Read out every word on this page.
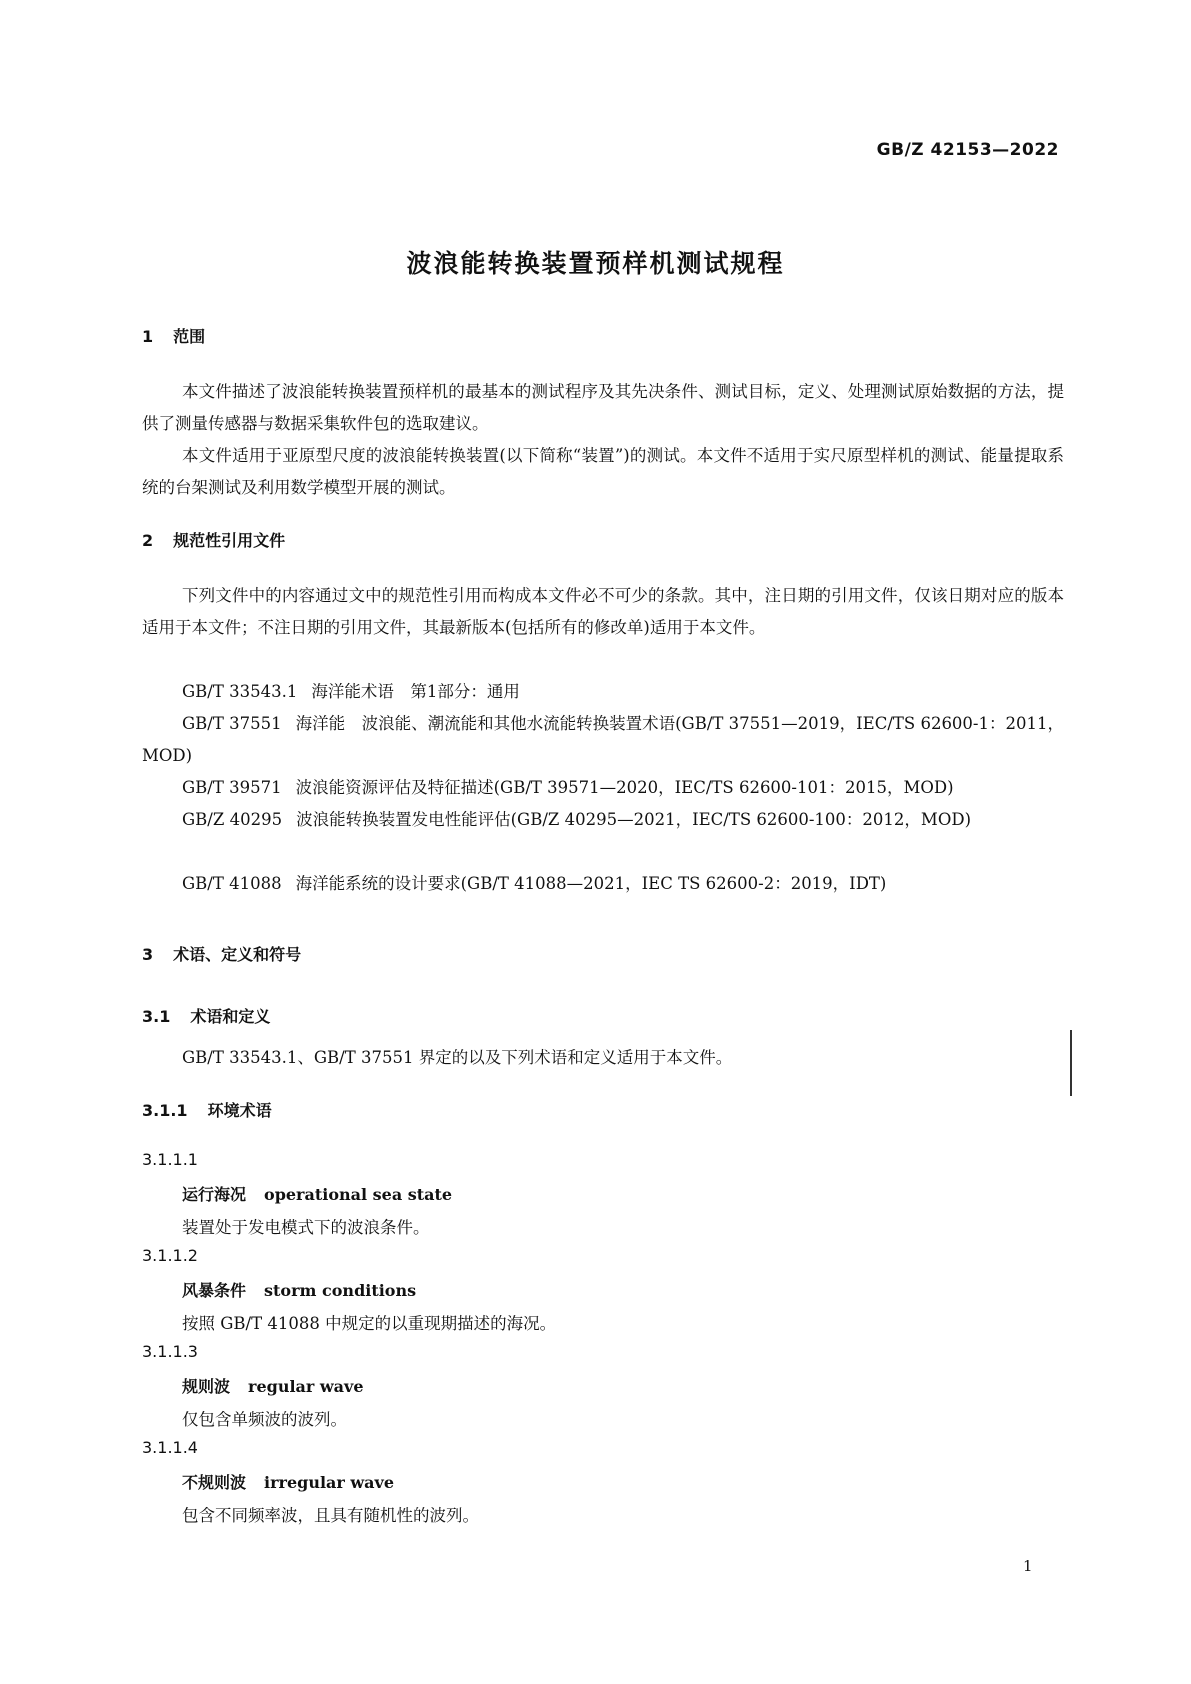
GB/Z 42153—2022
波浪能转换装置预样机测试规程
1 范围
本文件描述了波浪能转换装置预样机的最基本的测试程序及其先决条件、测试目标，定义、处理测试原始数据的方法，提供了测量传感器与数据采集软件包的选取建议。
本文件适用于亚原型尺度的波浪能转换装置(以下简称“装置”)的测试。本文件不适用于实尺原型样机的测试、能量提取系统的台架测试及利用数学模型开展的测试。
2 规范性引用文件
下列文件中的内容通过文中的规范性引用而构成本文件必不可少的条款。其中，注日期的引用文件，仅该日期对应的版本适用于本文件；不注日期的引用文件，其最新版本(包括所有的修改单)适用于本文件。
GB/T 33543.1 海洋能术语　第1部分：通用
GB/T 37551 海洋能　波浪能、潮流能和其他水流能转换装置术语(GB/T 37551—2019，IEC/TS 62600-1：2011，MOD)
GB/T 39571 波浪能资源评估及特征描述(GB/T 39571—2020，IEC/TS 62600-101：2015，MOD)
GB/Z 40295 波浪能转换装置发电性能评估(GB/Z 40295—2021，IEC/TS 62600-100：2012，MOD)
GB/T 41088 海洋能系统的设计要求(GB/T 41088—2021，IEC TS 62600-2：2019，IDT)
3 术语、定义和符号
3.1 术语和定义
GB/T 33543.1、GB/T 37551 界定的以及下列术语和定义适用于本文件。
3.1.1 环境术语
3.1.1.1
运行海况 operational sea state
装置处于发电模式下的波浪条件。
3.1.1.2
风暴条件 storm conditions
按照 GB/T 41088 中规定的以重现期描述的海况。
3.1.1.3
规则波 regular wave
仅包含单频波的波列。
3.1.1.4
不规则波 irregular wave
包含不同频率波，且具有随机性的波列。
1
